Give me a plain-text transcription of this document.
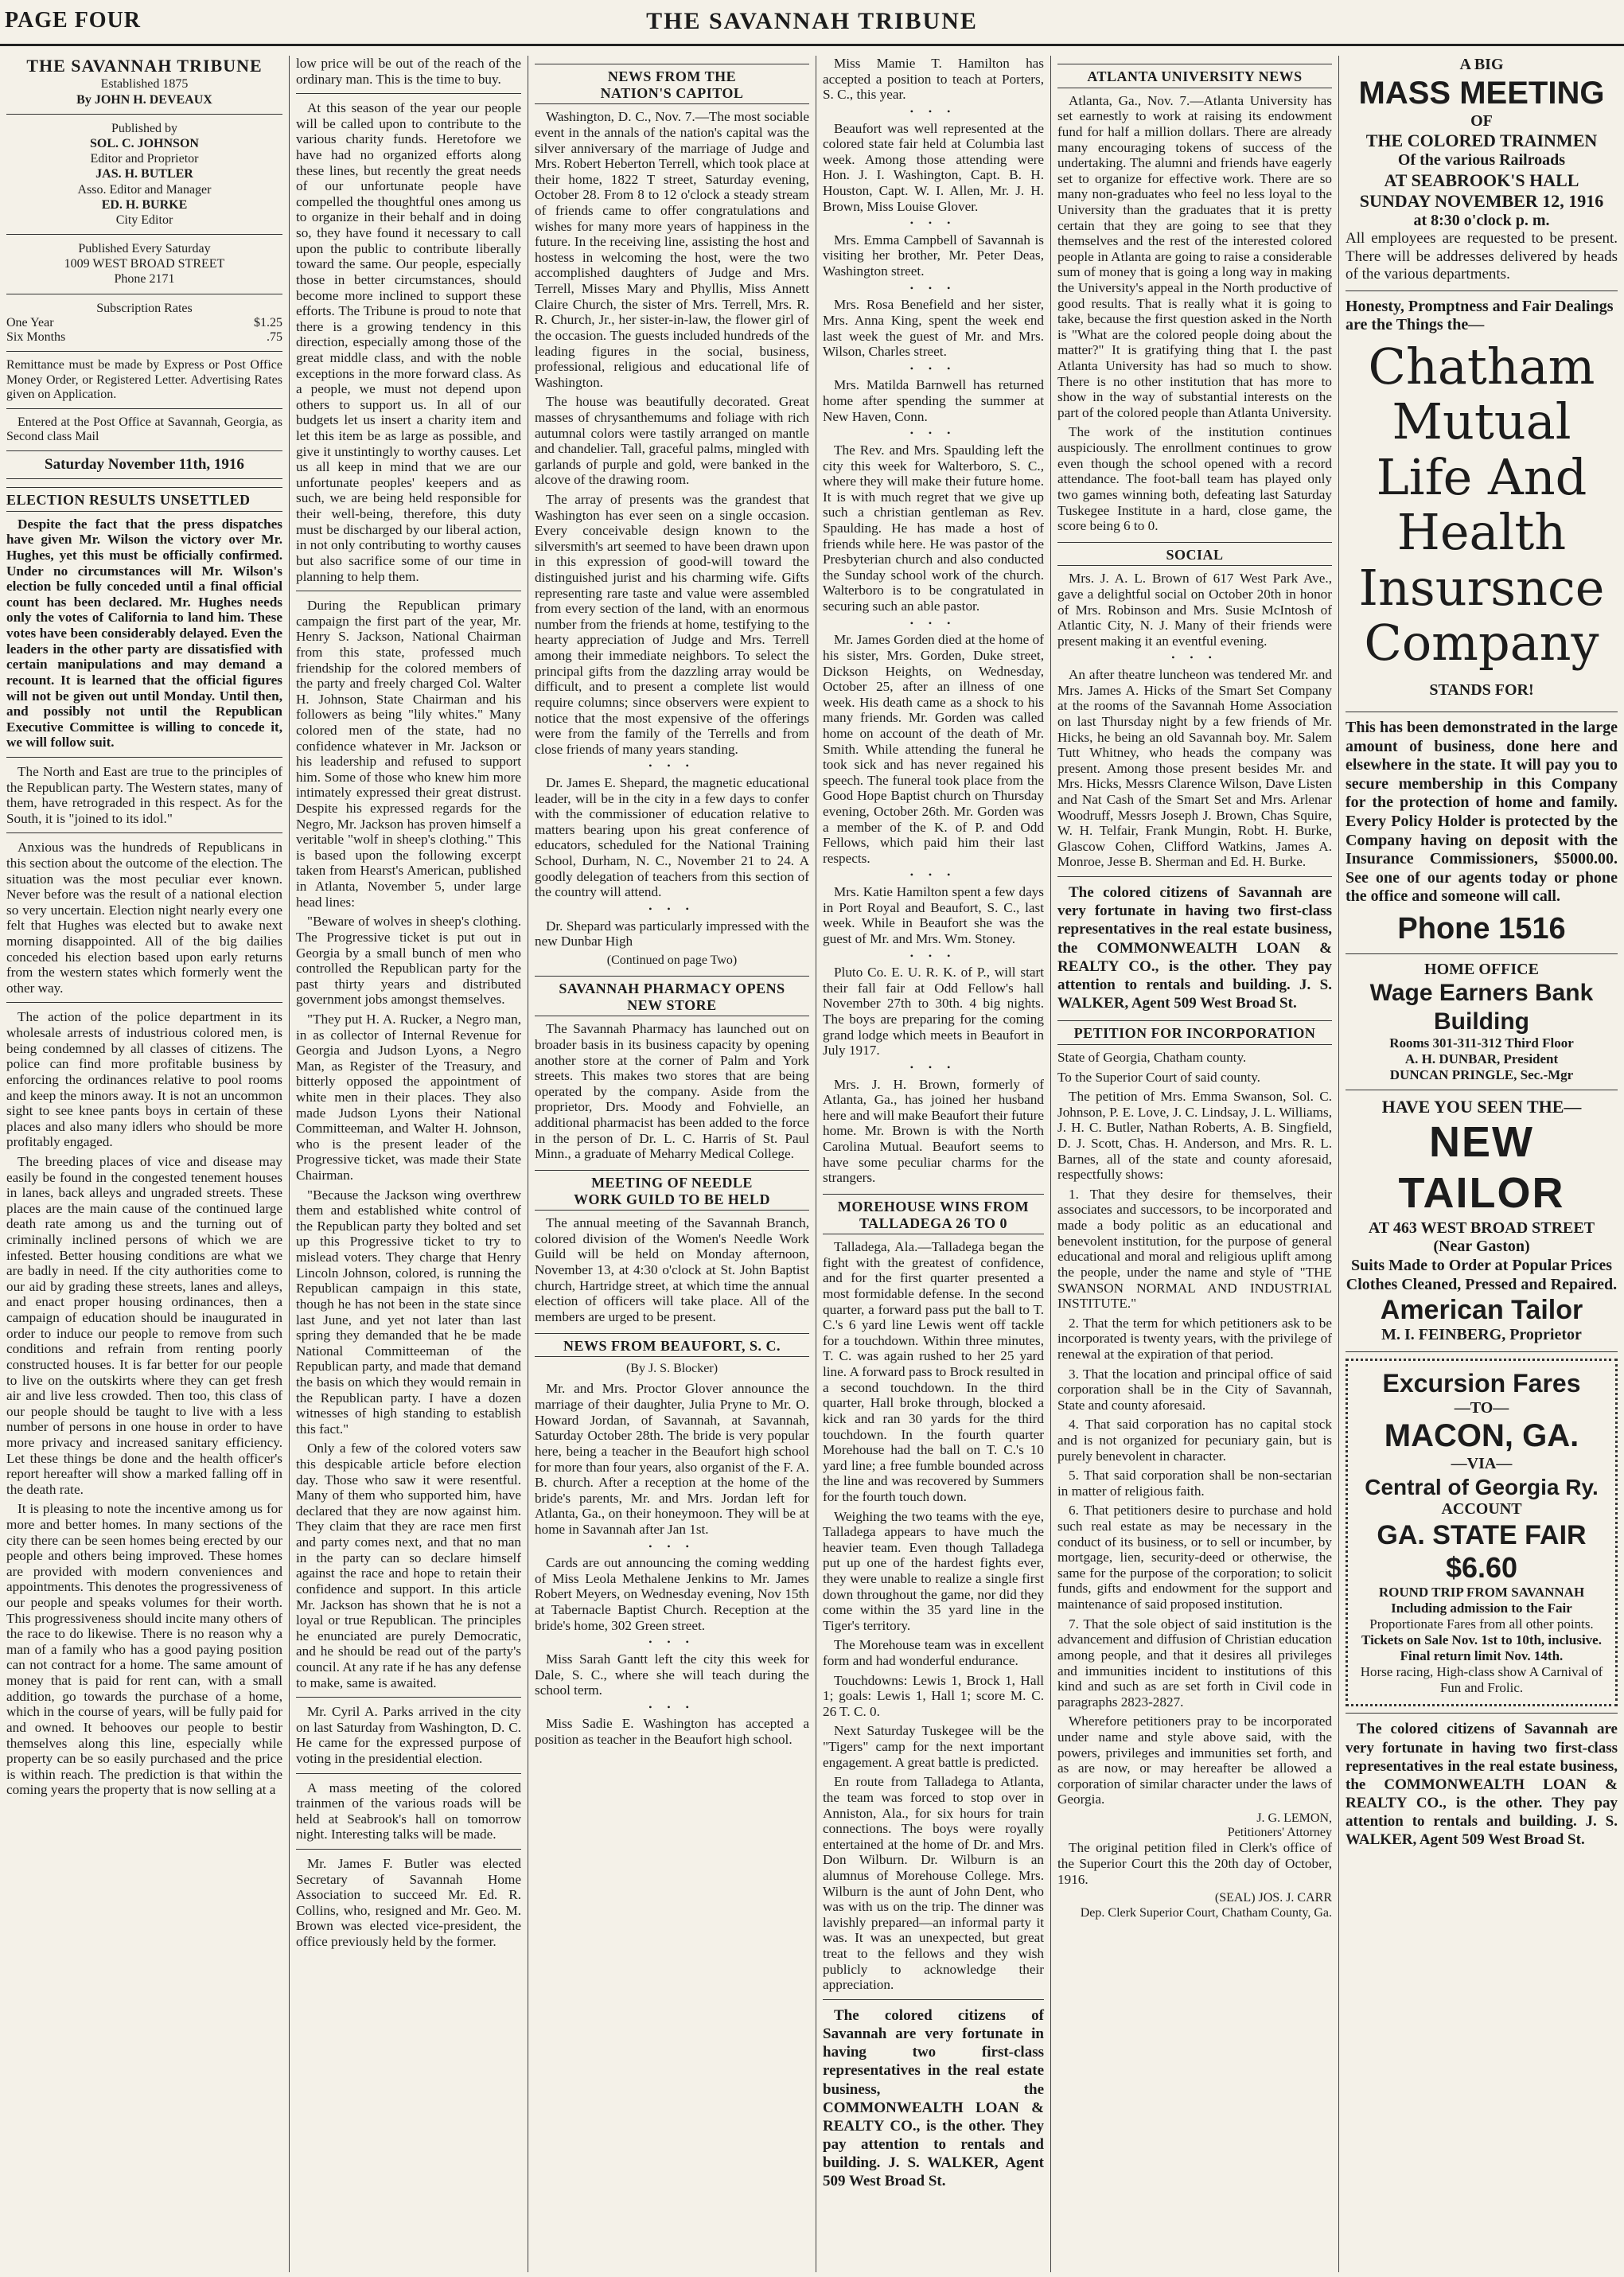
PAGE FOUR	THE SAVANNAH TRIBUNE
THE SAVANNAH TRIBUNE
Established 1875
By JOHN H. DEVEAUX
Published by
SOL. C. JOHNSON
Editor and Proprietor
JAS. H. BUTLER
Asso. Editor and Manager
ED. H. BURKE
City Editor
Published Every Saturday
1009 WEST BROAD STREET
Phone 2171
Subscription Rates
One Year	$1.25
Six Months	.75

Remittance must be made by Express or Post Office Money Order, or Registered Letter. Advertising Rates given on Application.

Entered at the Post Office at Savannah, Georgia, as Second class Mail

Saturday November 11th, 1916
ELECTION RESULTS UNSETTLED

Despite the fact that the press dispatches have given Mr. Wilson the victory over Mr. Hughes, yet this must be officially confirmed. Under no circumstances will Mr. Wilson's election be fully conceded until a final official count has been declared. Mr. Hughes needs only the votes of California to land him. These votes have been considerably delayed. Even the leaders in the other party are dissatisfied with certain manipulations and may demand a recount. It is learned that the official figures will not be given out until Monday. Until then, and possibly not until the Republican Executive Committee is willing to concede it, we will follow suit.

The North and East are true to the principles of the Republican party. The Western states, many of them, have retrograded in this respect. As for the South, it is "joined to its idol."

Anxious was the hundreds of Republicans in this section about the outcome of the election. The situation was the most peculiar ever known. Never before was the result of a national election so very uncertain. Election night nearly every one felt that Hughes was elected but to awake next morning disappointed. All of the big dailies conceded his election based upon early returns from the western states which formerly went the other way.

The action of the police department in its wholesale arrests of industrious colored men, is being condemned by all classes of citizens. The police can find more profitable business by enforcing the ordinances relative to pool rooms and keep the minors away. It is not an uncommon sight to see knee pants boys in certain of these places and also many idlers who should be more profitably engaged.

The breeding places of vice and disease may easily be found in the congested tenement houses in lanes, back alleys and ungraded streets. These places are the main cause of the continued large death rate among us and the turning out of criminally inclined persons of which we are infested. Better housing conditions are what we are badly in need. If the city authorities come to our aid by grading these streets, lanes and alleys, and enact proper housing ordinances, then a campaign of education should be inaugurated in order to induce our people to remove from such conditions and refrain from renting poorly constructed houses. It is far better for our people to live on the outskirts where they can get fresh air and live less crowded. Then too, this class of our people should be taught to live with a less number of persons in one house in order to have more privacy and increased sanitary efficiency. Let these things be done and the health officer's report hereafter will show a marked falling off in the death rate.

It is pleasing to note the incentive among us for more and better homes. In many sections of the city there can be seen homes being erected by our people and others being improved. These homes are provided with modern conveniences and appointments. This denotes the progressiveness of our people and speaks volumes for their worth. This progressiveness should incite many others of the race to do likewise. There is no reason why a man of a family who has a good paying position can not contract for a home. The same amount of money that is paid for rent can, with a small addition, go towards the purchase of a home, which in the course of years, will be fully paid for and owned. It behooves our people to bestir themselves along this line, especially while property can be so easily purchased and the price is within reach. The prediction is that within the coming years the property that is now selling at a

low price will be out of the reach of the ordinary man. This is the time to buy.

At this season of the year our people will be called upon to contribute to the various charity funds. Heretofore we have had no organized efforts along these lines, but recently the great needs of our unfortunate people have compelled the thoughtful ones among us to organize in their behalf and in doing so, they have found it necessary to call upon the public to contribute liberally toward the same. Our people, especially those in better circumstances, should become more inclined to support these efforts. The Tribune is proud to note that there is a growing tendency in this direction, especially among those of the great middle class, and with the noble exceptions in the more forward class. As a people, we must not depend upon others to support us. In all of our budgets let us insert a charity item and let this item be as large as possible, and give it unstintingly to worthy causes. Let us all keep in mind that we are our unfortunate peoples' keepers and as such, we are being held responsible for their well-being, therefore, this duty must be discharged by our liberal action, in not only contributing to worthy causes but also sacrifice some of our time in planning to help them.

During the Republican primary campaign the first part of the year, Mr. Henry S. Jackson, National Chairman from this state, professed much friendship for the colored members of the party and freely charged Col. Walter H. Johnson, State Chairman and his followers as being "lily whites." Many colored men of the state, had no confidence whatever in Mr. Jackson or his leadership and refused to support him. Some of those who knew him more intimately expressed their great distrust. Despite his expressed regards for the Negro, Mr. Jackson has proven himself a veritable "wolf in sheep's clothing." This is based upon the following excerpt taken from Hearst's American, published in Atlanta, November 5, under large head lines:

"Beware of wolves in sheep's clothing. The Progressive ticket is put out in Georgia by a small bunch of men who controlled the Republican party for the past thirty years and distributed government jobs amongst themselves.

"They put H. A. Rucker, a Negro man, in as collector of Internal Revenue for Georgia and Judson Lyons, a Negro Man, as Register of the Treasury, and bitterly opposed the appointment of white men in their places. They also made Judson Lyons their National Committeeman, and Walter H. Johnson, who is the present leader of the Progressive ticket, was made their State Chairman.

"Because the Jackson wing overthrew them and established white control of the Republican party they bolted and set up this Progressive ticket to try to mislead voters. They charge that Henry Lincoln Johnson, colored, is running the Republican campaign in this state, though he has not been in the state since last June, and yet not later than last spring they demanded that he be made National Committeeman of the Republican party, and made that demand the basis on which they would remain in the Republican party. I have a dozen witnesses of high standing to establish this fact."

Only a few of the colored voters saw this despicable article before election day. Those who saw it were resentful. Many of them who supported him, have declared that they are now against him. They claim that they are race men first and party comes next, and that no man in the party can so declare himself against the race and hope to retain their confidence and support. In this article Mr. Jackson has shown that he is not a loyal or true Republican. The principles he enunciated are purely Democratic, and he should be read out of the party's council. At any rate if he has any defense to make, same is awaited.

Mr. Cyril A. Parks arrived in the city on last Saturday from Washington, D. C. He came for the expressed purpose of voting in the presidential election.

A mass meeting of the colored trainmen of the various roads will be held at Seabrook's hall on tomorrow night. Interesting talks will be made.

Mr. James F. Butler was elected Secretary of Savannah Home Association to succeed Mr. Ed. R. Collins, who, resigned and Mr. Geo. M. Brown was elected vice-president, the office previously held by the former.

NEWS FROM THE
NATION'S CAPITOL

Washington, D. C., Nov. 7.—The most sociable event in the annals of the nation's capital was the silver anniversary of the marriage of Judge and Mrs. Robert Heberton Terrell, which took place at their home, 1822 T street, Saturday evening, October 28. From 8 to 12 o'clock a steady stream of friends came to offer congratulations and wishes for many more years of happiness in the future. In the receiving line, assisting the host and hostess in welcoming the host, were the two accomplished daughters of Judge and Mrs. Terrell, Misses Mary and Phyllis, Miss Annett Claire Church, the sister of Mrs. Terrell, Mrs. R. R. Church, Jr., her sister-in-law, the flower girl of the occasion. The guests included hundreds of the leading figures in the social, business, professional, religious and educational life of Washington.

The house was beautifully decorated. Great masses of chrysanthemums and foliage with rich autumnal colors were tastily arranged on mantle and chandelier. Tall, graceful palms, mingled with garlands of purple and gold, were banked in the alcove of the drawing room.

The array of presents was the grandest that Washington has ever seen on a single occasion. Every conceivable design known to the silversmith's art seemed to have been drawn upon in this expression of good-will toward the distinguished jurist and his charming wife. Gifts representing rare taste and value were assembled from every section of the land, with an enormous number from the friends at home, testifying to the hearty appreciation of Judge and Mrs. Terrell among their immediate neighbors. To select the principal gifts from the dazzling array would be difficult, and to present a complete list would require columns; since observers were expient to notice that the most expensive of the offerings were from the family of the Terrells and from close friends of many years standing.

• • •

Dr. James E. Shepard, the magnetic educational leader, will be in the city in a few days to confer with the commissioner of education relative to matters bearing upon his great conference of educators, scheduled for the National Training School, Durham, N. C., November 21 to 24. A goodly delegation of teachers from this section of the country will attend.

• • •

Dr. Shepard was particularly impressed with the new Dunbar High

(Continued on page Two)
SAVANNAH PHARMACY OPENS
NEW STORE

The Savannah Pharmacy has launched out on broader basis in its business capacity by opening another store at the corner of Palm and York streets. This makes two stores that are being operated by the company. Aside from the proprietor, Drs. Moody and Fohvielle, an additional pharmacist has been added to the force in the person of Dr. L. C. Harris of St. Paul Minn., a graduate of Meharry Medical College.

MEETING OF NEEDLE
WORK GUILD TO BE HELD

The annual meeting of the Savannah Branch, colored division of the Women's Needle Work Guild will be held on Monday afternoon, November 13, at 4:30 o'clock at St. John Baptist church, Hartridge street, at which time the annual election of officers will take place. All of the members are urged to be present.

NEWS FROM BEAUFORT, S. C.
(By J. S. Blocker)

Mr. and Mrs. Proctor Glover announce the marriage of their daughter, Julia Pryne to Mr. O. Howard Jordan, of Savannah, at Savannah, Saturday October 28th. The bride is very popular here, being a teacher in the Beaufort high school for more than four years, also organist of the F. A. B. church. After a reception at the home of the bride's parents, Mr. and Mrs. Jordan left for Atlanta, Ga., on their honeymoon. They will be at home in Savannah after Jan 1st.

• • •

Cards are out announcing the coming wedding of Miss Leola Methalene Jenkins to Mr. James Robert Meyers, on Wednesday evening, Nov 15th at Tabernacle Baptist Church. Reception at the bride's home, 302 Green street.

• • •

Miss Sarah Gantt left the city this week for Dale, S. C., where she will teach during the school term.

• • •

Miss Sadie E. Washington has accepted a position as teacher in the Beaufort high school.

Miss Mamie T. Hamilton has accepted a position to teach at Porters, S. C., this year.

• • •

Beaufort was well represented at the colored state fair held at Columbia last week. Among those attending were Hon. J. I. Washington, Capt. B. H. Houston, Capt. W. I. Allen, Mr. J. H. Brown, Miss Louise Glover.

• • •

Mrs. Emma Campbell of Savannah is visiting her brother, Mr. Peter Deas, Washington street.

• • •

Mrs. Rosa Benefield and her sister, Mrs. Anna King, spent the week end last week the guest of Mr. and Mrs. Wilson, Charles street.

• • •

Mrs. Matilda Barnwell has returned home after spending the summer at New Haven, Conn.

• • •

The Rev. and Mrs. Spaulding left the city this week for Walterboro, S. C., where they will make their future home. It is with much regret that we give up such a christian gentleman as Rev. Spaulding. He has made a host of friends while here. He was pastor of the Presbyterian church and also conducted the Sunday school work of the church. Walterboro is to be congratulated in securing such an able pastor.

• • •

Mr. James Gorden died at the home of his sister, Mrs. Gorden, Duke street, Dickson Heights, on Wednesday, October 25, after an illness of one week. His death came as a shock to his many friends. Mr. Gorden was called home on account of the death of Mr. Smith. While attending the funeral he took sick and has never regained his speech. The funeral took place from the Good Hope Baptist church on Thursday evening, October 26th. Mr. Gorden was a member of the K. of P. and Odd Fellows, which paid him their last respects.

• • •

Mrs. Katie Hamilton spent a few days in Port Royal and Beaufort, S. C., last week. While in Beaufort she was the guest of Mr. and Mrs. Wm. Stoney.

• • •

Pluto Co. E. U. R. K. of P., will start their fall fair at Odd Fellow's hall November 27th to 30th. 4 big nights. The boys are preparing for the coming grand lodge which meets in Beaufort in July 1917.

• • •

Mrs. J. H. Brown, formerly of Atlanta, Ga., has joined her husband here and will make Beaufort their future home. Mr. Brown is with the North Carolina Mutual. Beaufort seems to have some peculiar charms for the strangers.

MOREHOUSE WINS FROM
TALLADEGA 26 TO 0

Talladega, Ala.—Talladega began the fight with the greatest of confidence, and for the first quarter presented a most formidable defense. In the second quarter, a forward pass put the ball to T. C.'s 6 yard line Lewis went off tackle for a touchdown. Within three minutes, T. C. was again rushed to her 25 yard line. A forward pass to Brock resulted in a second touchdown. In the third quarter, Hall broke through, blocked a kick and ran 30 yards for the third touchdown. In the fourth quarter Morehouse had the ball on T. C.'s 10 yard line; a free fumble bounded across the line and was recovered by Summers for the fourth touch down.

Weighing the two teams with the eye, Talladega appears to have much the heavier team. Even though Talladega put up one of the hardest fights ever, they were unable to realize a single first down throughout the game, nor did they come within the 35 yard line in the Tiger's territory.

The Morehouse team was in excellent form and had wonderful endurance.

Touchdowns: Lewis 1, Brock 1, Hall 1; goals: Lewis 1, Hall 1; score M. C. 26 T. C. 0.

Next Saturday Tuskegee will be the "Tigers" camp for the next important engagement. A great battle is predicted.

En route from Talladega to Atlanta, the team was forced to stop over in Anniston, Ala., for six hours for train connections. The boys were royally entertained at the home of Dr. and Mrs. Don Wilburn. Dr. Wilburn is an alumnus of Morehouse College. Mrs. Wilburn is the aunt of John Dent, who was with us on the trip. The dinner was lavishly prepared—an informal party it was. It was an unexpected, but great treat to the fellows and they wish publicly to acknowledge their appreciation.

The colored citizens of Savannah are very fortunate in having two first-class representatives in the real estate business, the COMMONWEALTH LOAN & REALTY CO., is the other. They pay attention to rentals and building. J. S. WALKER, Agent 509 West Broad St.

ATLANTA UNIVERSITY NEWS

Atlanta, Ga., Nov. 7.—Atlanta University has set earnestly to work at raising its endowment fund for half a million dollars. There are already many encouraging tokens of success of the undertaking. The alumni and friends have eagerly set to organize for effective work. There are so many non-graduates who feel no less loyal to the University than the graduates that it is pretty certain that they are going to see that they themselves and the rest of the interested colored people in Atlanta are going to raise a considerable sum of money that is going a long way in making the University's appeal in the North productive of good results. That is really what it is going to take, because the first question asked in the North is "What are the colored people doing about the matter?" It is gratifying thing that I. the past Atlanta University has had so much to show. There is no other institution that has more to show in the way of substantial interests on the part of the colored people than Atlanta University.

The work of the institution continues auspiciously. The enrollment continues to grow even though the school opened with a record attendance. The foot-ball team has played only two games winning both, defeating last Saturday Tuskegee Institute in a hard, close game, the score being 6 to 0.

SOCIAL

Mrs. J. A. L. Brown of 617 West Park Ave., gave a delightful social on October 20th in honor of Mrs. Robinson and Mrs. Susie McIntosh of Atlantic City, N. J. Many of their friends were present making it an eventful evening.

• • •

An after theatre luncheon was tendered Mr. and Mrs. James A. Hicks of the Smart Set Company at the rooms of the Savannah Home Association on last Thursday night by a few friends of Mr. Hicks, he being an old Savannah boy. Mr. Salem Tutt Whitney, who heads the company was present. Among those present besides Mr. and Mrs. Hicks, Messrs Clarence Wilson, Dave Listen and Nat Cash of the Smart Set and Mrs. Arlenar Woodruff, Messrs Joseph J. Brown, Chas Squire, W. H. Telfair, Frank Mungin, Robt. H. Burke, Glascow Cohen, Clifford Watkins, James A. Monroe, Jesse B. Sherman and Ed. H. Burke.

The colored citizens of Savannah are very fortunate in having two first-class representatives in the real estate business, the COMMONWEALTH LOAN & REALTY CO., is the other. They pay attention to rentals and building. J. S. WALKER, Agent 509 West Broad St.

PETITION FOR INCORPORATION

State of Georgia, Chatham county.

To the Superior Court of said county.

The petition of Mrs. Emma Swanson, Sol. C. Johnson, P. E. Love, J. C. Lindsay, J. L. Williams, J. H. C. Butler, Nathan Roberts, A. B. Singfield, D. J. Scott, Chas. H. Anderson, and Mrs. R. L. Barnes, all of the state and county aforesaid, respectfully shows:

1. That they desire for themselves, their associates and successors, to be incorporated and made a body politic as an educational and benevolent institution, for the purpose of general educational and moral and religious uplift among the people, under the name and style of "THE SWANSON NORMAL AND INDUSTRIAL INSTITUTE."

2. That the term for which petitioners ask to be incorporated is twenty years, with the privilege of renewal at the expiration of that period.

3. That the location and principal office of said corporation shall be in the City of Savannah, State and county aforesaid.

4. That said corporation has no capital stock and is not organized for pecuniary gain, but is purely benevolent in character.

5. That said corporation shall be non-sectarian in matter of religious faith.

6. That petitioners desire to purchase and hold such real estate as may be necessary in the conduct of its business, or to sell or incumber, by mortgage, lien, security-deed or otherwise, the same for the purpose of the corporation; to solicit funds, gifts and endowment for the support and maintenance of said proposed institution.

7. That the sole object of said institution is the advancement and diffusion of Christian education among people, and that it desires all privileges and immunities incident to institutions of this kind and such as are set forth in Civil code in paragraphs 2823-2827.

Wherefore petitioners pray to be incorporated under name and style above said, with the powers, privileges and immunities set forth, and as are now, or may hereafter be allowed a corporation of similar character under the laws of Georgia.

J. G. LEMON,
Petitioners' Attorney

The original petition filed in Clerk's office of the Superior Court this the 20th day of October, 1916.

(SEAL) JOS. J. CARR
Dep. Clerk Superior Court, Chatham County, Ga.
A BIG
MASS MEETING
OF
THE COLORED TRAINMEN
Of the various Railroads
AT SEABROOK'S HALL
SUNDAY NOVEMBER 12, 1916
at 8:30 o'clock p. m.

All employees are requested to be present. There will be addresses delivered by heads of the various departments.

Honesty, Promptness and Fair Dealings are the Things the—

Chatham
Mutual
Life And
Health
Insursnce
Company
STANDS FOR!

This has been demonstrated in the large amount of business, done here and elsewhere in the state. It will pay you to secure membership in this Company for the protection of home and family. Every Policy Holder is protected by the Company having on deposit with the Insurance Commissioners, $5000.00. See one of our agents today or phone the office and someone will call.

Phone 1516
HOME OFFICE
Wage Earners Bank
Building
Rooms 301-311-312 Third Floor
A. H. DUNBAR, President
DUNCAN PRINGLE, Sec.-Mgr
HAVE YOU SEEN THE—
NEW TAILOR
AT 463 WEST BROAD STREET
(Near Gaston)
Suits Made to Order at Popular Prices
Clothes Cleaned, Pressed and Repaired.
American Tailor
M. I. FEINBERG, Proprietor
Excursion Fares
—TO—
MACON, GA.
—VIA—
Central of Georgia Ry.
ACCOUNT
GA. STATE FAIR
$6.60
ROUND TRIP FROM SAVANNAH
Including admission to the Fair
Proportionate Fares from all other points.
Tickets on Sale Nov. 1st to 10th, inclusive. Final return limit Nov. 14th.
Horse racing, High-class show A Carnival of Fun and Frolic.

The colored citizens of Savannah are very fortunate in having two first-class representatives in the real estate business, the COMMONWEALTH LOAN & REALTY CO., is the other. They pay attention to rentals and building. J. S. WALKER, Agent 509 West Broad St.
